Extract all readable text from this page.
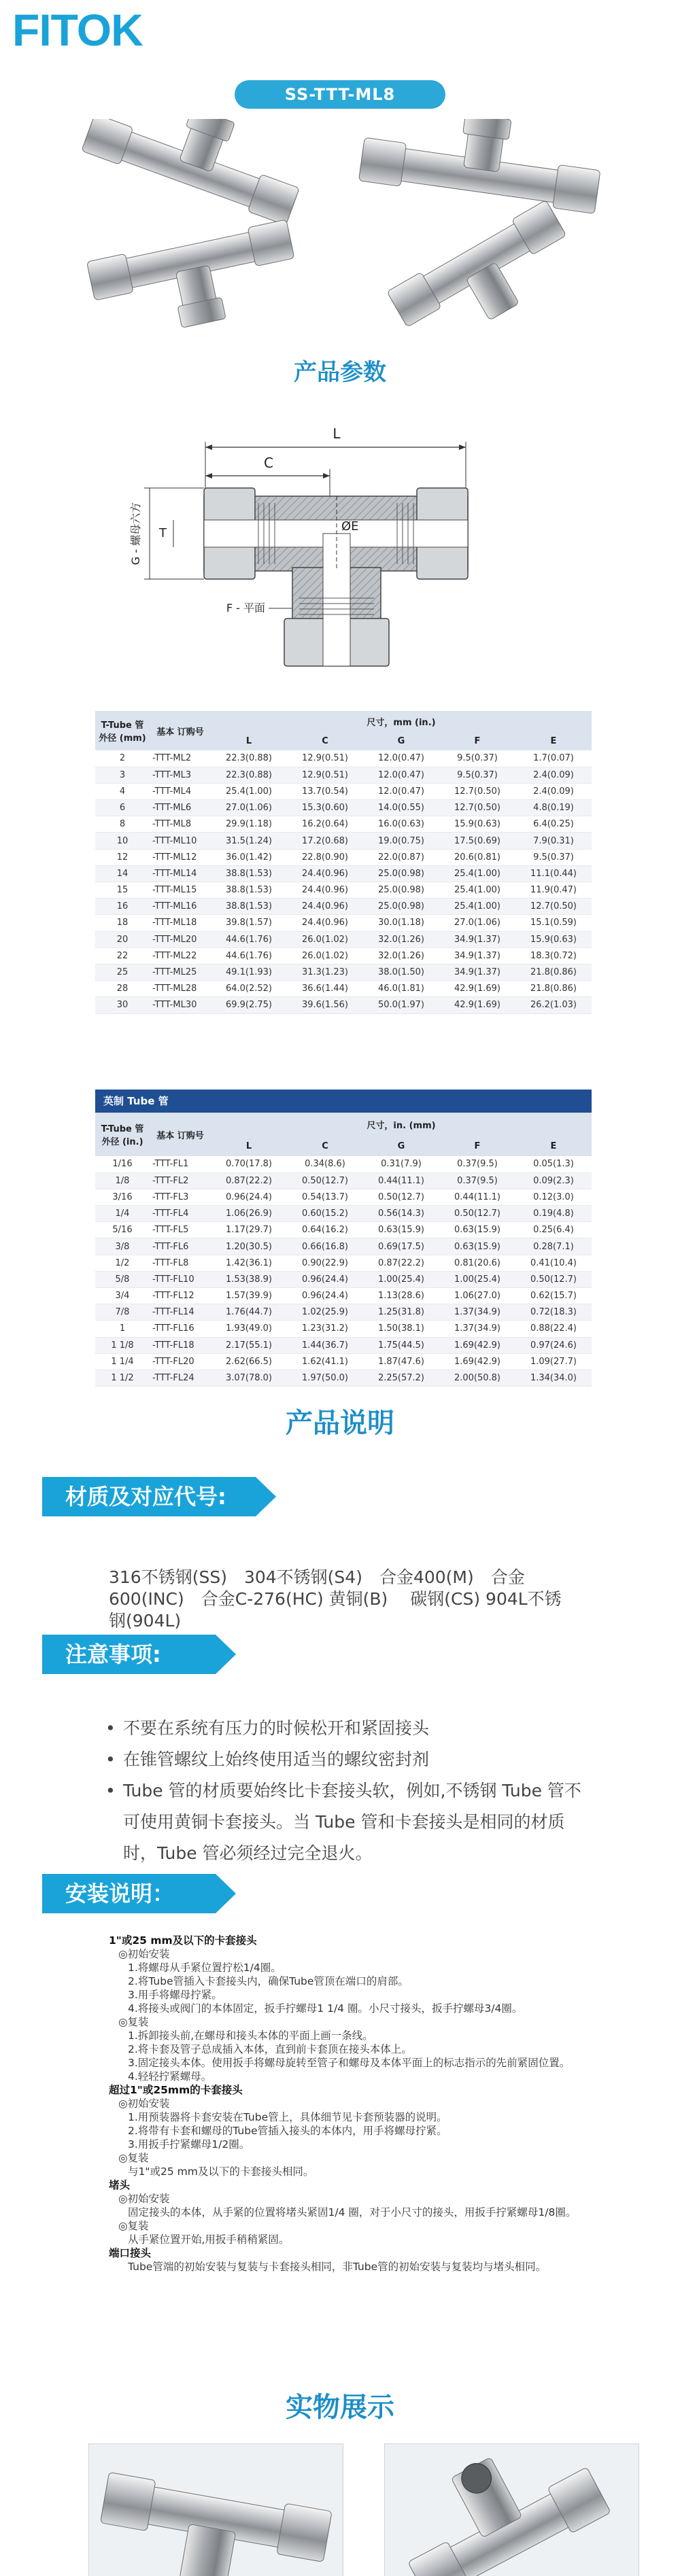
FITOK
SS-TTT-ML8
产品参数
L
C
ØE
T
G - 螺母六方
F - 平面
T-Tube 管外径 (mm)	基本 订购号	尺寸，mm (in.)				
		L	C	G	F	E
2	-TTT-ML2	22.3(0.88)	12.9(0.51)	12.0(0.47)	9.5(0.37)	1.7(0.07)
3	-TTT-ML3	22.3(0.88)	12.9(0.51)	12.0(0.47)	9.5(0.37)	2.4(0.09)
4	-TTT-ML4	25.4(1.00)	13.7(0.54)	12.0(0.47)	12.7(0.50)	2.4(0.09)
6	-TTT-ML6	27.0(1.06)	15.3(0.60)	14.0(0.55)	12.7(0.50)	4.8(0.19)
8	-TTT-ML8	29.9(1.18)	16.2(0.64)	16.0(0.63)	15.9(0.63)	6.4(0.25)
10	-TTT-ML10	31.5(1.24)	17.2(0.68)	19.0(0.75)	17.5(0.69)	7.9(0.31)
12	-TTT-ML12	36.0(1.42)	22.8(0.90)	22.0(0.87)	20.6(0.81)	9.5(0.37)
14	-TTT-ML14	38.8(1.53)	24.4(0.96)	25.0(0.98)	25.4(1.00)	11.1(0.44)
15	-TTT-ML15	38.8(1.53)	24.4(0.96)	25.0(0.98)	25.4(1.00)	11.9(0.47)
16	-TTT-ML16	38.8(1.53)	24.4(0.96)	25.0(0.98)	25.4(1.00)	12.7(0.50)
18	-TTT-ML18	39.8(1.57)	24.4(0.96)	30.0(1.18)	27.0(1.06)	15.1(0.59)
20	-TTT-ML20	44.6(1.76)	26.0(1.02)	32.0(1.26)	34.9(1.37)	15.9(0.63)
22	-TTT-ML22	44.6(1.76)	26.0(1.02)	32.0(1.26)	34.9(1.37)	18.3(0.72)
25	-TTT-ML25	49.1(1.93)	31.3(1.23)	38.0(1.50)	34.9(1.37)	21.8(0.86)
28	-TTT-ML28	64.0(2.52)	36.6(1.44)	46.0(1.81)	42.9(1.69)	21.8(0.86)
30	-TTT-ML30	69.9(2.75)	39.6(1.56)	50.0(1.97)	42.9(1.69)	26.2(1.03)
英制 Tube 管
T-Tube 管外径 (in.)	基本 订购号	尺寸，in. (mm)				
		L	C	G	F	E
1/16	-TTT-FL1	0.70(17.8)	0.34(8.6)	0.31(7.9)	0.37(9.5)	0.05(1.3)
1/8	-TTT-FL2	0.87(22.2)	0.50(12.7)	0.44(11.1)	0.37(9.5)	0.09(2.3)
3/16	-TTT-FL3	0.96(24.4)	0.54(13.7)	0.50(12.7)	0.44(11.1)	0.12(3.0)
1/4	-TTT-FL4	1.06(26.9)	0.60(15.2)	0.56(14.3)	0.50(12.7)	0.19(4.8)
5/16	-TTT-FL5	1.17(29.7)	0.64(16.2)	0.63(15.9)	0.63(15.9)	0.25(6.4)
3/8	-TTT-FL6	1.20(30.5)	0.66(16.8)	0.69(17.5)	0.63(15.9)	0.28(7.1)
1/2	-TTT-FL8	1.42(36.1)	0.90(22.9)	0.87(22.2)	0.81(20.6)	0.41(10.4)
5/8	-TTT-FL10	1.53(38.9)	0.96(24.4)	1.00(25.4)	1.00(25.4)	0.50(12.7)
3/4	-TTT-FL12	1.57(39.9)	0.96(24.4)	1.13(28.6)	1.06(27.0)	0.62(15.7)
7/8	-TTT-FL14	1.76(44.7)	1.02(25.9)	1.25(31.8)	1.37(34.9)	0.72(18.3)
1	-TTT-FL16	1.93(49.0)	1.23(31.2)	1.50(38.1)	1.37(34.9)	0.88(22.4)
1 1/8	-TTT-FL18	2.17(55.1)	1.44(36.7)	1.75(44.5)	1.69(42.9)	0.97(24.6)
1 1/4	-TTT-FL20	2.62(66.5)	1.62(41.1)	1.87(47.6)	1.69(42.9)	1.09(27.7)
1 1/2	-TTT-FL24	3.07(78.0)	1.97(50.0)	2.25(57.2)	2.00(50.8)	1.34(34.0)
产品说明
材质及对应代号:
316不锈钢(SS)　304不锈钢(S4)　合金400(M)　合金600(INC)　合金C-276(HC) 黄铜(B)　 碳钢(CS) 904L不锈钢(904L)
注意事项:
• 不要在系统有压力的时候松开和紧固接头
• 在锥管螺纹上始终使用适当的螺纹密封剂
• Tube 管的材质要始终比卡套接头软，例如,不锈钢 Tube 管不可使用黄铜卡套接头。当 Tube 管和卡套接头是相同的材质时，Tube 管必须经过完全退火。
安装说明：
1"或25 mm及以下的卡套接头
◎初始安装
1.将螺母从手紧位置拧松1/4圈。
2.将Tube管插入卡套接头内，确保Tube管顶在端口的肩部。
3.用手将螺母拧紧。
4.将接头或阀门的本体固定，扳手拧螺母1 1/4 圈。小尺寸接头，扳手拧螺母3/4圈。
◎复装
1.拆卸接头前,在螺母和接头本体的平面上画一条线。
2.将卡套及管子总成插入本体，直到前卡套顶在接头本体上。
3.固定接头本体。使用扳手将螺母旋转至管子和螺母及本体平面上的标志指示的先前紧固位置。
4.轻轻拧紧螺母。
超过1"或25mm的卡套接头
◎初始安装
1.用预装器将卡套安装在Tube管上，具体细节见卡套预装器的说明。
2.将带有卡套和螺母的Tube管插入接头的本体内，用手将螺母拧紧。
3.用扳手拧紧螺母1/2圈。
◎复装
与1"或25 mm及以下的卡套接头相同。
堵头
◎初始安装
固定接头的本体，从手紧的位置将堵头紧固1/4 圈，对于小尺寸的接头，用扳手拧紧螺母1/8圈。
◎复装
从手紧位置开始,用扳手稍稍紧固。
端口接头
Tube管端的初始安装与复装与卡套接头相同，非Tube管的初始安装与复装均与堵头相同。
实物展示
